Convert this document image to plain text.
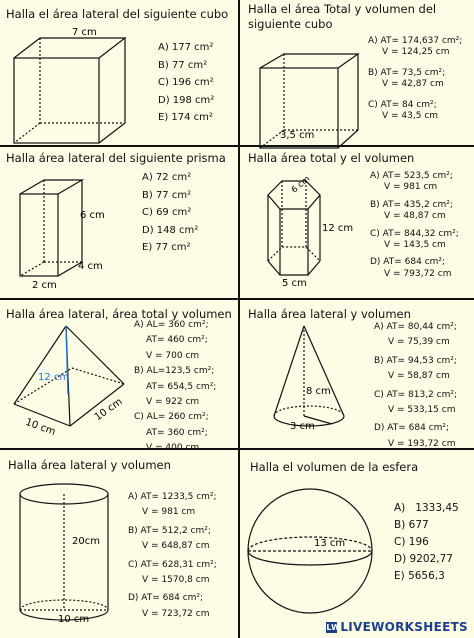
Halla el área lateral del siguiente cubo
7 cm
A) 177 cm²
B) 77 cm²
C) 196 cm²
D) 198 cm²
E) 174 cm²
Halla el área Total y volumen del siguiente cubo
3,5 cm
A) AT= 174,637 cm²;
V = 124,25 cm
B) AT= 73,5 cm²;
V = 42,87 cm
C) AT= 84 cm²;
V = 43,5 cm
Halla área lateral del siguiente prisma
6 cm
4 cm
2 cm
A) 72 cm²
B) 77 cm²
C) 69 cm²
D) 148 cm²
E) 77 cm²
Halla área total y el volumen
6 cm
12 cm
5 cm
A) AT= 523,5 cm²;
V = 981 cm
B) AT= 435,2 cm²;
V = 48,87 cm
C) AT= 844,32 cm²;
V = 143,5 cm
D) AT= 684 cm²;
V = 793,72 cm
Halla área lateral, área total y volumen
12 cm
10 cm
10 cm
A) AL= 360 cm²;
AT= 460 cm²;
V = 700 cm
B) AL=123,5 cm²;
AT= 654,5 cm²;
V = 922 cm
C) AL= 260 cm²;
AT= 360 cm²;
V = 400 cm
Halla área lateral y volumen
8 cm
3 cm
A) AT= 80,44 cm²;
V = 75,39 cm
B) AT= 94,53 cm²;
V = 58,87 cm
C) AT= 813,2 cm²;
V = 533,15 cm
D) AT= 684 cm²;
V = 193,72 cm
Halla área lateral y volumen
20cm
10 cm
A) AT= 1233,5 cm²;
V = 981 cm
B) AT= 512,2 cm²;
V = 648,87 cm
C) AT= 628,31 cm²;
V = 1570,8 cm
D) AT= 684 cm²;
V = 723,72 cm
Halla el volumen de la esfera
13 cm
A)   1333,45
B) 677
C) 196
D) 9202,77
E) 5656,3
LWLIVEWORKSHEETS
